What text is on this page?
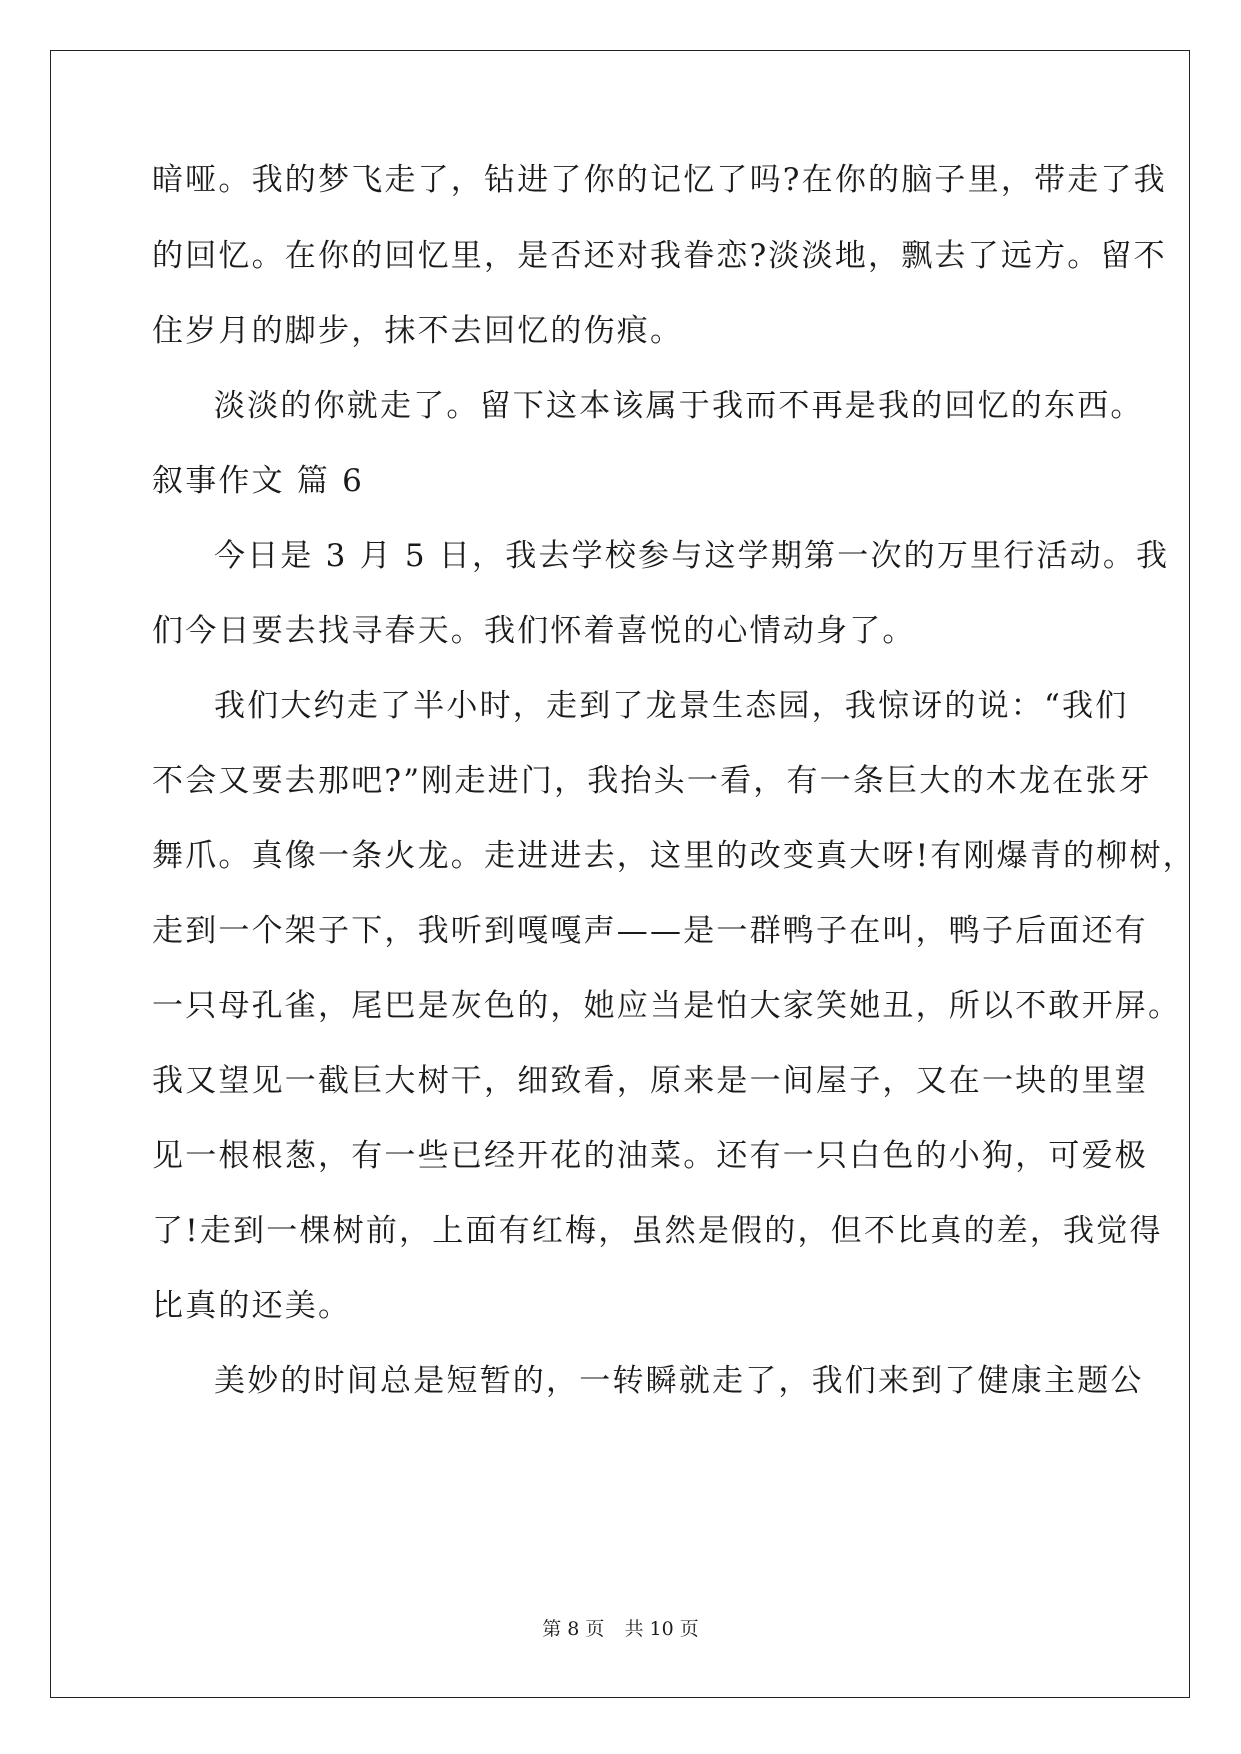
暗哑。我的梦飞走了，钻进了你的记忆了吗?在你的脑子里，带走了我
的回忆。在你的回忆里，是否还对我眷恋?淡淡地，飘去了远方。留不
住岁月的脚步，抹不去回忆的伤痕。
淡淡的你就走了。留下这本该属于我而不再是我的回忆的东西。
叙事作文 篇 6
今日是 3 月 5 日，我去学校参与这学期第一次的万里行活动。我
们今日要去找寻春天。我们怀着喜悦的心情动身了。
我们大约走了半小时，走到了龙景生态园，我惊讶的说：“我们
不会又要去那吧?”刚走进门，我抬头一看，有一条巨大的木龙在张牙
舞爪。真像一条火龙。走进进去，这里的改变真大呀!有刚爆青的柳树，
走到一个架子下，我听到嘎嘎声——是一群鸭子在叫，鸭子后面还有
一只母孔雀，尾巴是灰色的，她应当是怕大家笑她丑，所以不敢开屏。
我又望见一截巨大树干，细致看，原来是一间屋子，又在一块的里望
见一根根葱，有一些已经开花的油菜。还有一只白色的小狗，可爱极
了!走到一棵树前，上面有红梅，虽然是假的，但不比真的差，我觉得
比真的还美。
美妙的时间总是短暂的，一转瞬就走了，我们来到了健康主题公
第 8 页 共 10 页
